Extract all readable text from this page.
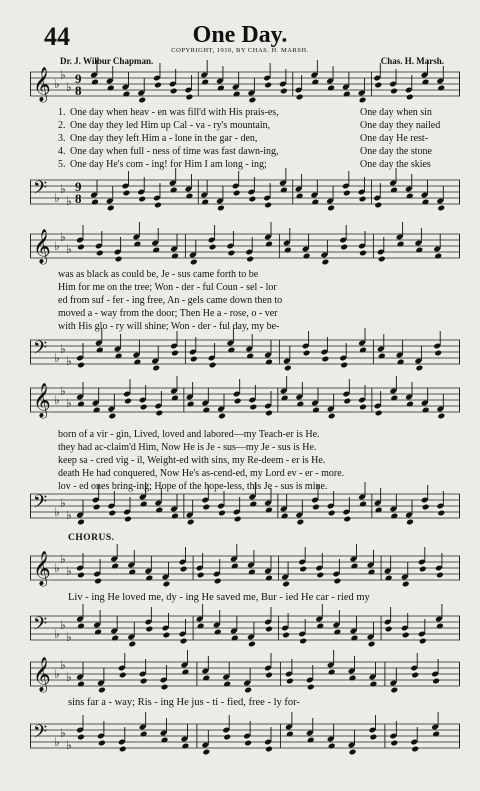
44	One Day.
COPYRIGHT, 1910, BY CHAS. H. MARSH.
Dr. J. Wilbur Chapman.	Chas. H. Marsh.
𝄞 ♭
♭
♭
9
8
1. One day when heav - en was fill'd with His prais-es,	One day when sin
2. One day they led Him up Cal - va - ry's mountain,	One day they nailed
3. One day they left Him a - lone in the gar - den,	One day He rest-
4. One day when full - ness of time was fast dawn-ing,	One day the stone
5. One day He's com - ing! for Him I am long - ing;	One day the skies
𝄢 ♭
♭
♭
9
8
𝄞 ♭
♭
♭
was as black as could be, Je - sus came forth to be
Him for me on the tree; Won - der - ful Coun - sel - lor
ed from suf - fer - ing free, An - gels came down then to
moved a - way from the door; Then He a - rose, o - ver
with His glo - ry will shine; Won - der - ful day, my be-
𝄢 ♭
♭
♭
𝄞 ♭
♭
♭
born of a vir - gin, Lived, loved and labored—my Teach-er is He.
they had ac-claim'd Him, Now He is Je - sus—my Je - sus is He.
keep sa - cred vig - il, Weight-ed with sins, my Re-deem - er is He.
death He had conquered, Now He's as-cend-ed, my Lord ev - er - more.
lov - ed ones bring-ing; Hope of the hope-less, this Je - sus is mine.
𝄢 ♭
♭
♭
CHORUS.
𝄞 ♭
♭
♭
Liv - ing He loved me, dy - ing He saved me, Bur - ied He car - ried my
𝄢 ♭
♭
♭
𝄞 ♭
♭
♭
sins far a - way; Ris - ing He jus - ti - fied, free - ly for-
𝄢 ♭
♭
♭
